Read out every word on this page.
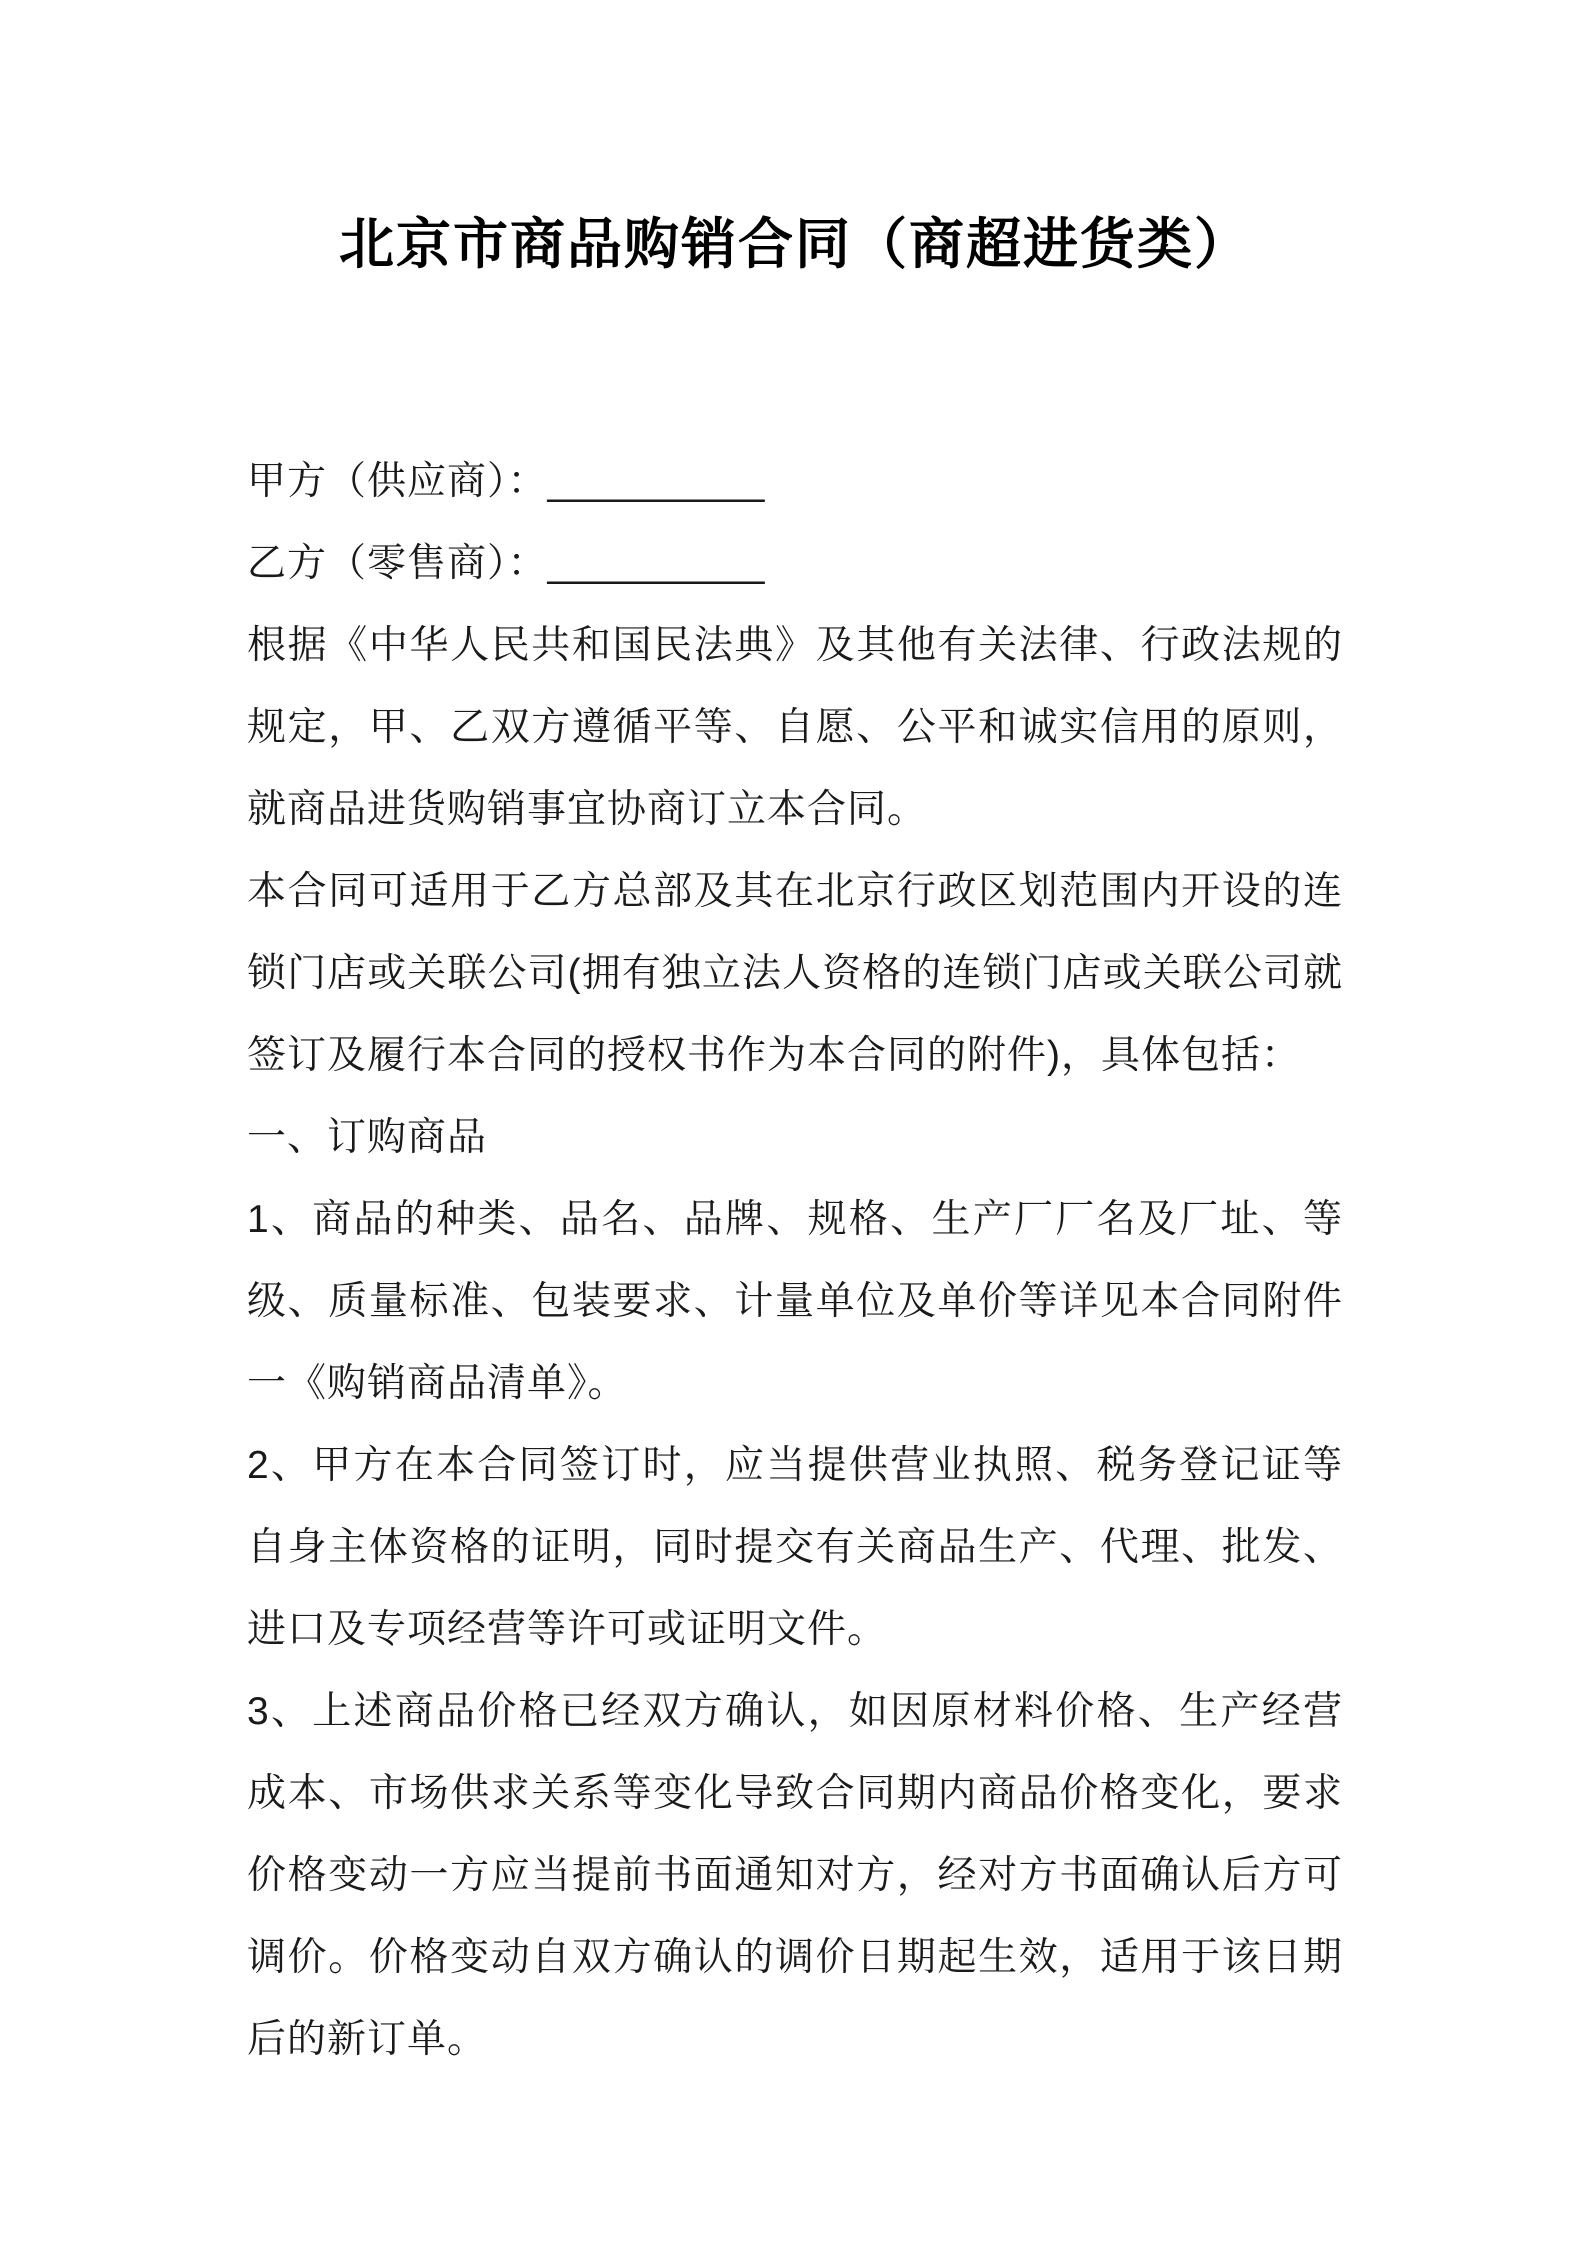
北京市商品购销合同（商超进货类）

甲方（供应商）：__________

乙方（零售商）：__________

根据《中华人民共和国民法典》及其他有关法律、行政法规的规定，甲、乙双方遵循平等、自愿、公平和诚实信用的原则，就商品进货购销事宜协商订立本合同。

本合同可适用于乙方总部及其在北京行政区划范围内开设的连锁门店或关联公司(拥有独立法人资格的连锁门店或关联公司就签订及履行本合同的授权书作为本合同的附件)，具体包括：

一、订购商品

1、商品的种类、品名、品牌、规格、生产厂厂名及厂址、等级、质量标准、包装要求、计量单位及单价等详见本合同附件一《购销商品清单》。

2、甲方在本合同签订时，应当提供营业执照、税务登记证等自身主体资格的证明，同时提交有关商品生产、代理、批发、进口及专项经营等许可或证明文件。

3、上述商品价格已经双方确认，如因原材料价格、生产经营成本、市场供求关系等变化导致合同期内商品价格变化，要求价格变动一方应当提前书面通知对方，经对方书面确认后方可调价。价格变动自双方确认的调价日期起生效，适用于该日期后的新订单。
